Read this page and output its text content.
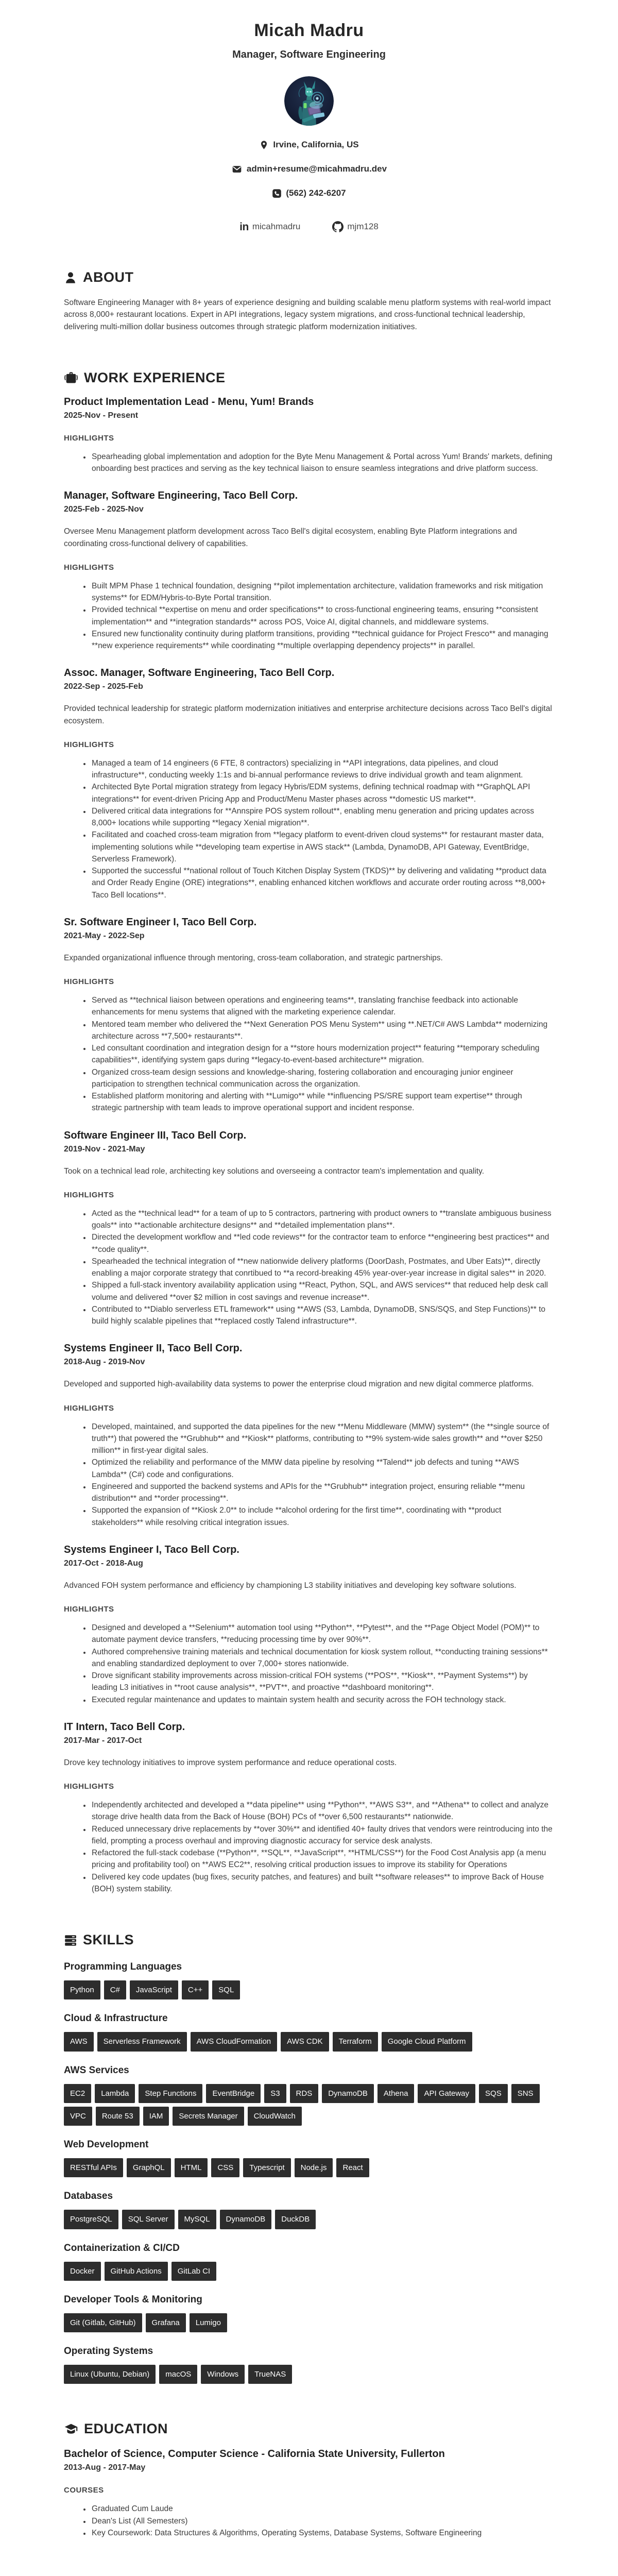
Micah Madru
Manager, Software Engineering
Irvine, California, US
admin+resume@micahmadru.dev
(562) 242-6207
in micahmadru	mjm128
ABOUT

Software Engineering Manager with 8+ years of experience designing and building scalable menu platform systems with real-world impact across 8,000+ restaurant locations. Expert in API integrations, legacy system migrations, and cross-functional technical leadership, delivering multi-million dollar business outcomes through strategic platform modernization initiatives.

WORK EXPERIENCE
Product Implementation Lead - Menu, Yum! Brands
2025-Nov - Present
HIGHLIGHTS
• Spearheading global implementation and adoption for the Byte Menu Management & Portal across Yum! Brands' markets, defining onboarding best practices and serving as the key technical liaison to ensure seamless integrations and drive platform success.
Manager, Software Engineering, Taco Bell Corp.
2025-Feb - 2025-Nov

Oversee Menu Management platform development across Taco Bell's digital ecosystem, enabling Byte Platform integrations and coordinating cross-functional delivery of capabilities.

HIGHLIGHTS
• Built MPM Phase 1 technical foundation, designing **pilot implementation architecture, validation frameworks and risk mitigation systems** for EDM/Hybris-to-Byte Portal transition.
• Provided technical **expertise on menu and order specifications** to cross-functional engineering teams, ensuring **consistent implementation** and **integration standards** across POS, Voice AI, digital channels, and middleware systems.
• Ensured new functionality continuity during platform transitions, providing **technical guidance for Project Fresco** and managing **new experience requirements** while coordinating **multiple overlapping dependency projects** in parallel.
Assoc. Manager, Software Engineering, Taco Bell Corp.
2022-Sep - 2025-Feb

Provided technical leadership for strategic platform modernization initiatives and enterprise architecture decisions across Taco Bell's digital ecosystem.

HIGHLIGHTS
• Managed a team of 14 engineers (6 FTE, 8 contractors) specializing in **API integrations, data pipelines, and cloud infrastructure**, conducting weekly 1:1s and bi-annual performance reviews to drive individual growth and team alignment.
• Architected Byte Portal migration strategy from legacy Hybris/EDM systems, defining technical roadmap with **GraphQL API integrations** for event-driven Pricing App and Product/Menu Master phases across **domestic US market**.
• Delivered critical data integrations for **Annspire POS system rollout**, enabling menu generation and pricing updates across 8,000+ locations while supporting **legacy Xenial migration**.
• Facilitated and coached cross-team migration from **legacy platform to event-driven cloud systems** for restaurant master data, implementing solutions while **developing team expertise in AWS stack** (Lambda, DynamoDB, API Gateway, EventBridge, Serverless Framework).
• Supported the successful **national rollout of Touch Kitchen Display System (TKDS)** by delivering and validating **product data and Order Ready Engine (ORE) integrations**, enabling enhanced kitchen workflows and accurate order routing across **8,000+ Taco Bell locations**.
Sr. Software Engineer I, Taco Bell Corp.
2021-May - 2022-Sep

Expanded organizational influence through mentoring, cross-team collaboration, and strategic partnerships.

HIGHLIGHTS
• Served as **technical liaison between operations and engineering teams**, translating franchise feedback into actionable enhancements for menu systems that aligned with the marketing experience calendar.
• Mentored team member who delivered the **Next Generation POS Menu System** using **.NET/C# AWS Lambda** modernizing architecture across **7,500+ restaurants**.
• Led consultant coordination and integration design for a **store hours modernization project** featuring **temporary scheduling capabilities**, identifying system gaps during **legacy-to-event-based architecture** migration.
• Organized cross-team design sessions and knowledge-sharing, fostering collaboration and encouraging junior engineer participation to strengthen technical communication across the organization.
• Established platform monitoring and alerting with **Lumigo** while **influencing PS/SRE support team expertise** through strategic partnership with team leads to improve operational support and incident response.
Software Engineer III, Taco Bell Corp.
2019-Nov - 2021-May

Took on a technical lead role, architecting key solutions and overseeing a contractor team's implementation and quality.

HIGHLIGHTS
• Acted as the **technical lead** for a team of up to 5 contractors, partnering with product owners to **translate ambiguous business goals** into **actionable architecture designs** and **detailed implementation plans**.
• Directed the development workflow and **led code reviews** for the contractor team to enforce **engineering best practices** and **code quality**.
• Spearheaded the technical integration of **new nationwide delivery platforms (DoorDash, Postmates, and Uber Eats)**, directly enabling a major corporate strategy that conrtibued to **a record-breaking 45% year-over-year increase in digital sales** in 2020.
• Shipped a full-stack inventory availability application using **React, Python, SQL, and AWS services** that reduced help desk call volume and delivered **over $2 million in cost savings and revenue increase**.
• Contributed to **Diablo serverless ETL framework** using **AWS (S3, Lambda, DynamoDB, SNS/SQS, and Step Functions)** to build highly scalable pipelines that **replaced costly Talend infrastructure**.
Systems Engineer II, Taco Bell Corp.
2018-Aug - 2019-Nov

Developed and supported high-availability data systems to power the enterprise cloud migration and new digital commerce platforms.

HIGHLIGHTS
• Developed, maintained, and supported the data pipelines for the new **Menu Middleware (MMW) system** (the **single source of truth**) that powered the **Grubhub** and **Kiosk** platforms, contributing to **9% system-wide sales growth** and **over $250 million** in first-year digital sales.
• Optimized the reliability and performance of the MMW data pipeline by resolving **Talend** job defects and tuning **AWS Lambda** (C#) code and configurations.
• Engineered and supported the backend systems and APIs for the **Grubhub** integration project, ensuring reliable **menu distribution** and **order processing**.
• Supported the expansion of **Kiosk 2.0** to include **alcohol ordering for the first time**, coordinating with **product stakeholders** while resolving critical integration issues.
Systems Engineer I, Taco Bell Corp.
2017-Oct - 2018-Aug

Advanced FOH system performance and efficiency by championing L3 stability initiatives and developing key software solutions.

HIGHLIGHTS
• Designed and developed a **Selenium** automation tool using **Python**, **Pytest**, and the **Page Object Model (POM)** to automate payment device transfers, **reducing processing time by over 90%**.
• Authored comprehensive training materials and technical documentation for kiosk system rollout, **conducting training sessions** and enabling standardized deployment to over 7,000+ stores nationwide.
• Drove significant stability improvements across mission-critical FOH systems (**POS**, **Kiosk**, **Payment Systems**) by leading L3 initiatives in **root cause analysis**, **PVT**, and proactive **dashboard monitoring**.
• Executed regular maintenance and updates to maintain system health and security across the FOH technology stack.
IT Intern, Taco Bell Corp.
2017-Mar - 2017-Oct

Drove key technology initiatives to improve system performance and reduce operational costs.

HIGHLIGHTS
• Independently architected and developed a **data pipeline** using **Python**, **AWS S3**, and **Athena** to collect and analyze storage drive health data from the Back of House (BOH) PCs of **over 6,500 restaurants** nationwide.
• Reduced unnecessary drive replacements by **over 30%** and identified 40+ faulty drives that vendors were reintroducing into the field, prompting a process overhaul and improving diagnostic accuracy for service desk analysts.
• Refactored the full-stack codebase (**Python**, **SQL**, **JavaScript**, **HTML/CSS**) for the Food Cost Analysis app (a menu pricing and profitability tool) on **AWS EC2**, resolving critical production issues to improve its stability for Operations
• Delivered key code updates (bug fixes, security patches, and features) and built **software releases** to improve Back of House (BOH) system stability.
SKILLS
Programming Languages
Python	C#	JavaScript	C++	SQL
Cloud & Infrastructure
AWS	Serverless Framework	AWS CloudFormation	AWS CDK	Terraform	Google Cloud Platform
AWS Services
EC2	Lambda	Step Functions	EventBridge	S3	RDS	DynamoDB	Athena	API Gateway	SQS	SNS
VPC	Route 53	IAM	Secrets Manager	CloudWatch
Web Development
RESTful APIs	GraphQL	HTML	CSS	Typescript	Node.js	React
Databases
PostgreSQL	SQL Server	MySQL	DynamoDB	DuckDB
Containerization & CI/CD
Docker	GitHub Actions	GitLab CI
Developer Tools & Monitoring
Git (Gitlab, GitHub)	Grafana	Lumigo
Operating Systems
Linux (Ubuntu, Debian)	macOS	Windows	TrueNAS
EDUCATION
Bachelor of Science, Computer Science - California State University, Fullerton
2013-Aug - 2017-May
COURSES
• Graduated Cum Laude
• Dean's List (All Semesters)
• Key Coursework: Data Structures & Algorithms, Operating Systems, Database Systems, Software Engineering
